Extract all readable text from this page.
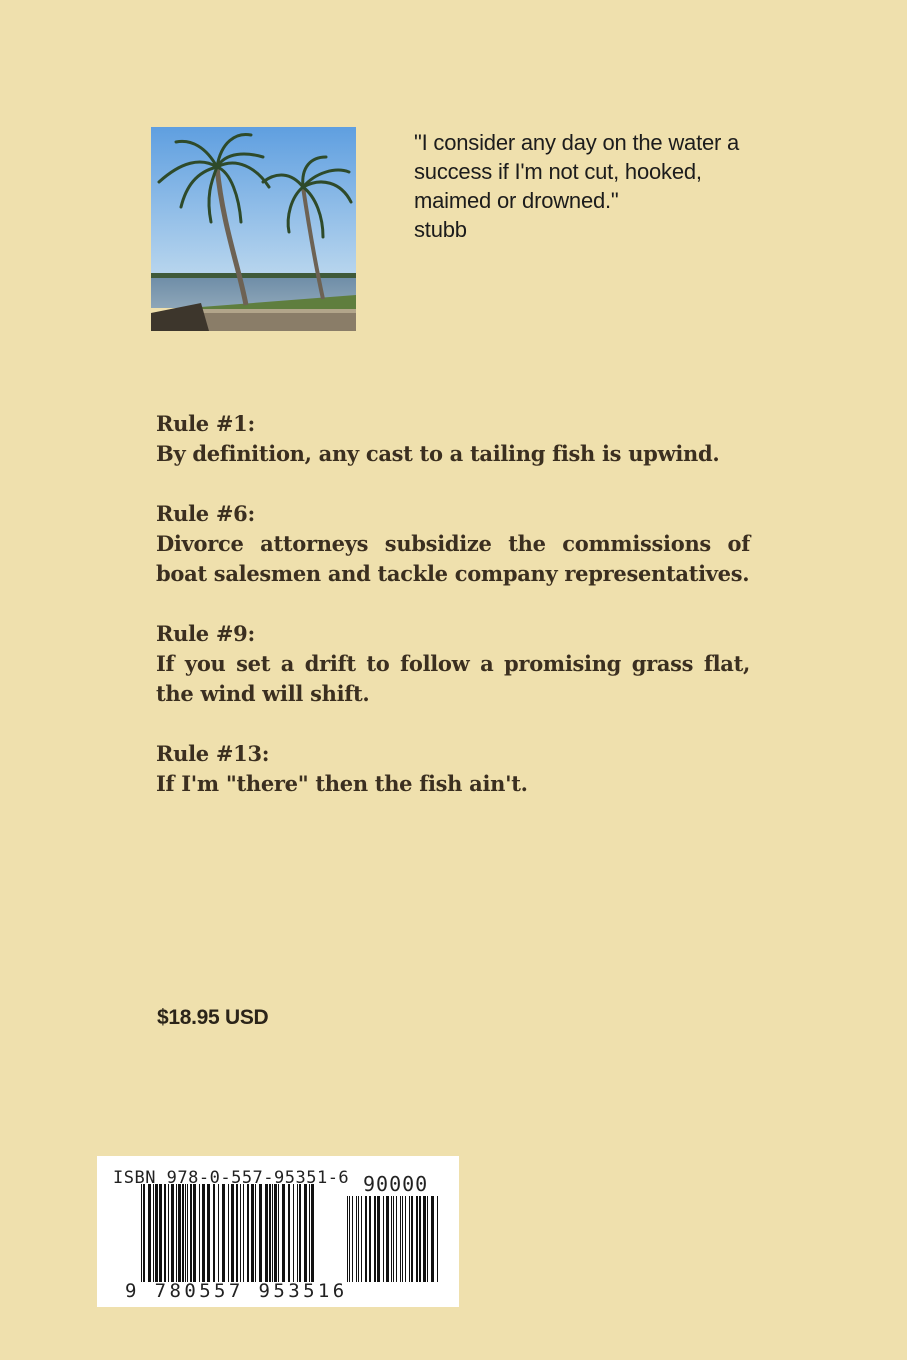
"I consider any day on the water a success if I'm not cut, hooked, maimed or drowned."
stubb
Rule #1:
By definition, any cast to a tailing fish is upwind.
Rule #6:
Divorce attorneys subsidize the commissions of boat salesmen and tackle company representatives.
Rule #9:
If you set a drift to follow a promising grass flat, the wind will shift.
Rule #13:
If I'm "there" then the fish ain't.
$18.95 USD
ISBN 978-0-557-95351-6 90000
9 780557 953516
